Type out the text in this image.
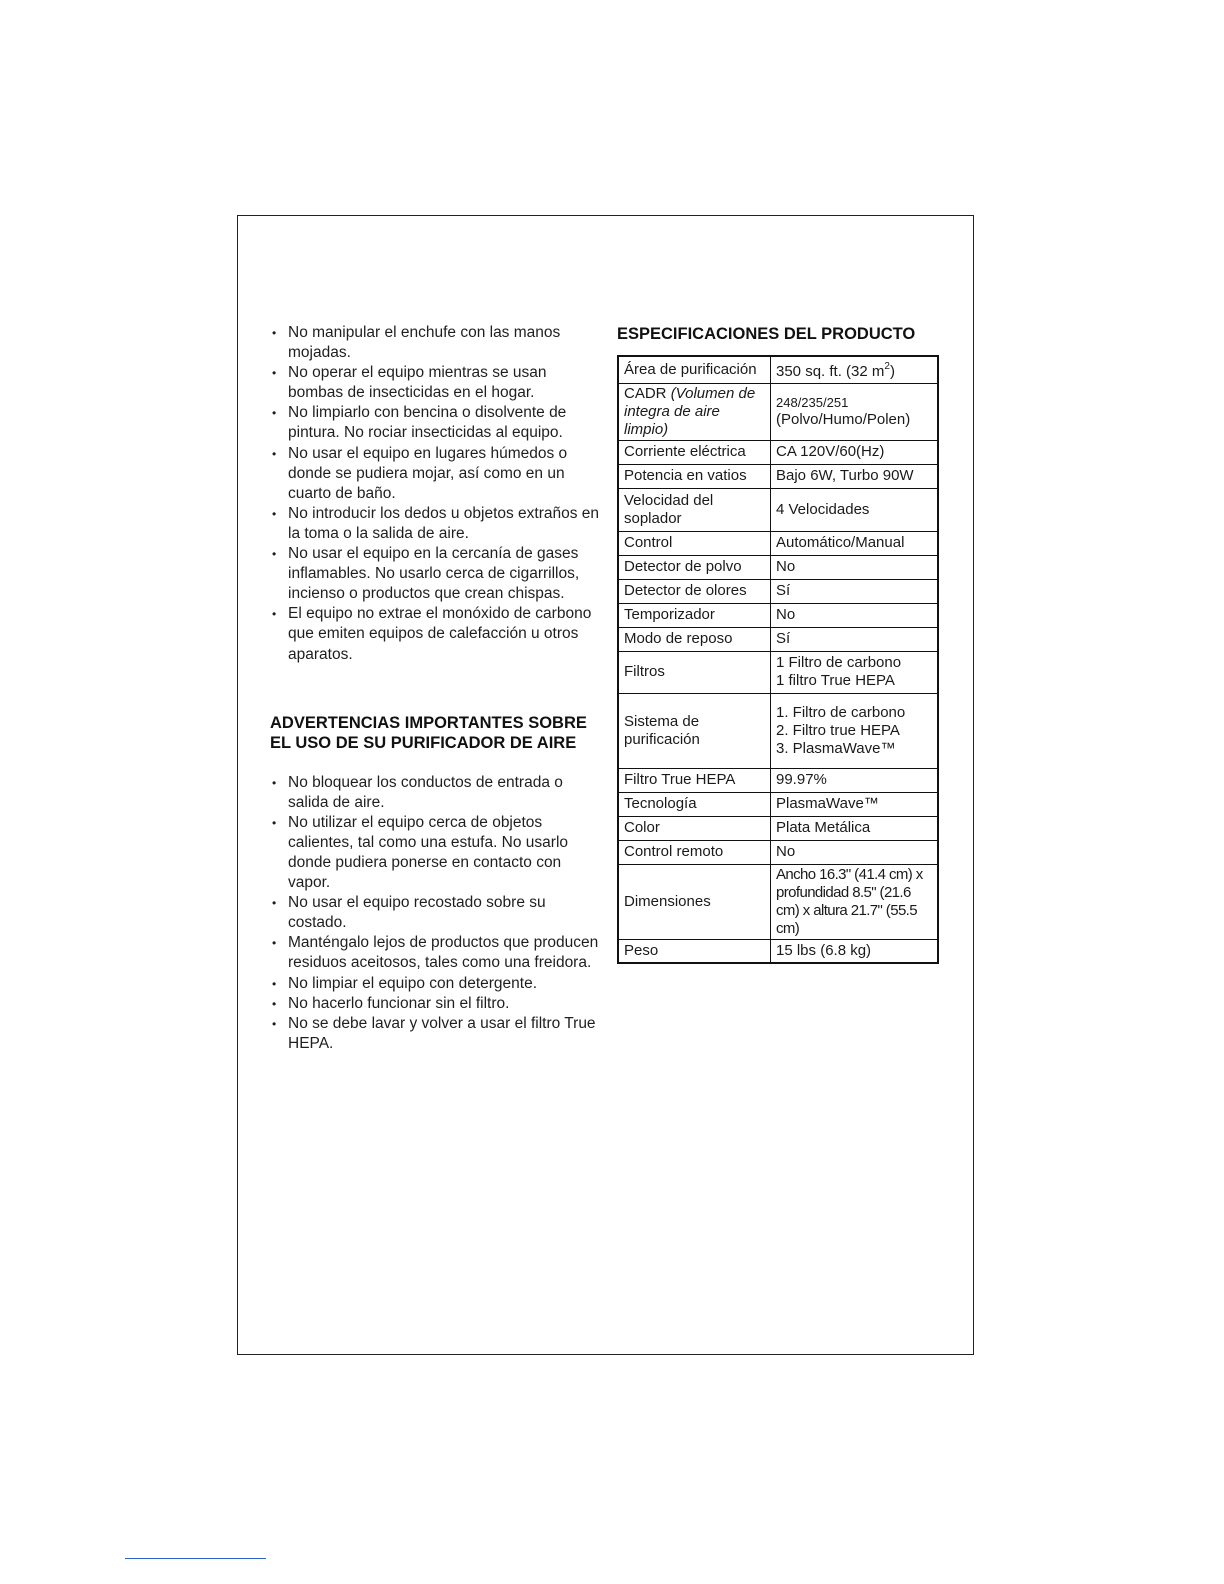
• No manipular el enchufe con las manos mojadas.
• No operar el equipo mientras se usan bombas de insecticidas en el hogar.
• No limpiarlo con bencina o disolvente de pintura. No rociar insecticidas al equipo.
• No usar el equipo en lugares húmedos o donde se pudiera mojar, así como en un cuarto de baño.
• No introducir los dedos u objetos extraños en la toma o la salida de aire.
• No usar el equipo en la cercanía de gases inflamables. No usarlo cerca de cigarrillos, incienso o productos que crean chispas.
• El equipo no extrae el monóxido de carbono que emiten equipos de calefacción u otros aparatos.
ADVERTENCIAS IMPORTANTES SOBRE EL USO DE SU PURIFICADOR DE AIRE
• No bloquear los conductos de entrada o salida de aire.
• No utilizar el equipo cerca de objetos calientes, tal como una estufa. No usarlo donde pudiera ponerse en contacto con vapor.
• No usar el equipo recostado sobre su costado.
• Manténgalo lejos de productos que producen residuos aceitosos, tales como una freidora.
• No limpiar el equipo con detergente.
• No hacerlo funcionar sin el filtro.
• No se debe lavar y volver a usar el filtro True HEPA.
ESPECIFICACIONES DEL PRODUCTO
Área de purificación	350 sq. ft. (32 $m^2$)
CADR (Volumen de integra de aire limpio)	248/235/251
(Polvo/Humo/Polen)

Corriente eléctrica	CA 120V/60(Hz)
Potencia en vatios	Bajo 6W, Turbo 90W
Velocidad del soplador	4 Velocidades
Control	Automático/Manual
Detector de polvo	No
Detector de olores	Sí
Temporizador	No
Modo de reposo	Sí
Filtros	1 Filtro de carbono
1 filtro True HEPA
Sistema de purificación	1. Filtro de carbono
2. Filtro true HEPA
3. PlasmaWave™
Filtro True HEPA	99.97%
Tecnología	PlasmaWave™
Color	Plata Metálica
Control remoto	No
Dimensiones	Ancho 16.3" (41.4 cm) x profundidad 8.5" (21.6 cm) x altura 21.7" (55.5 cm)
Peso	15 lbs (6.8 kg)
